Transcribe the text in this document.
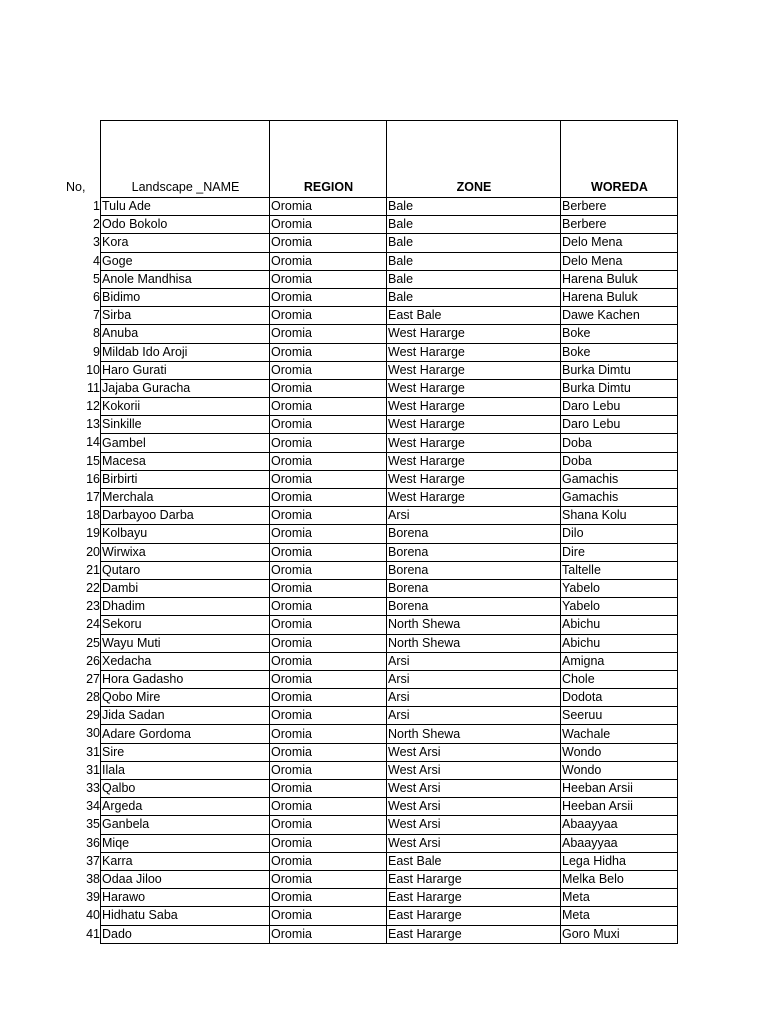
No,	Landscape _NAME	REGION	ZONE	WOREDA

1 Tulu Ade	Oromia	Bale	Berbere

2 Odo Bokolo	Oromia	Bale	Berbere

3 Kora	Oromia	Bale	Delo Mena

4 Goge	Oromia	Bale	Delo Mena

5 Anole Mandhisa	Oromia	Bale	Harena Buluk

6 Bidimo	Oromia	Bale	Harena Buluk

7 Sirba	Oromia	East Bale	Dawe Kachen

8 Anuba	Oromia	West Hararge	Boke

9 Mildab Ido Aroji	Oromia	West Hararge	Boke

10 Haro Gurati	Oromia	West Hararge	Burka Dimtu

11 Jajaba Guracha	Oromia	West Hararge	Burka Dimtu

12 Kokorii	Oromia	West Hararge	Daro Lebu

13 Sinkille	Oromia	West Hararge	Daro Lebu

14 Gambel	Oromia	West Hararge	Doba

15 Macesa	Oromia	West Hararge	Doba

16 Birbirti	Oromia	West Hararge	Gamachis

17 Merchala	Oromia	West Hararge	Gamachis

18 Darbayoo Darba	Oromia	Arsi	Shana Kolu

19 Kolbayu	Oromia	Borena	Dilo

20 Wirwixa	Oromia	Borena	Dire

21 Qutaro	Oromia	Borena	Taltelle

22 Dambi	Oromia	Borena	Yabelo

23 Dhadim	Oromia	Borena	Yabelo

24 Sekoru	Oromia	North Shewa	Abichu

25 Wayu Muti	Oromia	North Shewa	Abichu

26 Xedacha	Oromia	Arsi	Amigna

27 Hora Gadasho	Oromia	Arsi	Chole

28 Qobo Mire	Oromia	Arsi	Dodota

29 Jida Sadan	Oromia	Arsi	Seeruu

30 Adare Gordoma	Oromia	North Shewa	Wachale

31 Sire	Oromia	West Arsi	Wondo

31 Ilala	Oromia	West Arsi	Wondo

33 Qalbo	Oromia	West Arsi	Heeban Arsii

34 Argeda	Oromia	West Arsi	Heeban Arsii

35 Ganbela	Oromia	West Arsi	Abaayyaa

36 Miqe	Oromia	West Arsi	Abaayyaa

37 Karra	Oromia	East Bale	Lega Hidha

38 Odaa Jiloo	Oromia	East Hararge	Melka Belo

39 Harawo	Oromia	East Hararge	Meta

40 Hidhatu Saba	Oromia	East Hararge	Meta

41 Dado	Oromia	East Hararge	Goro Muxi
